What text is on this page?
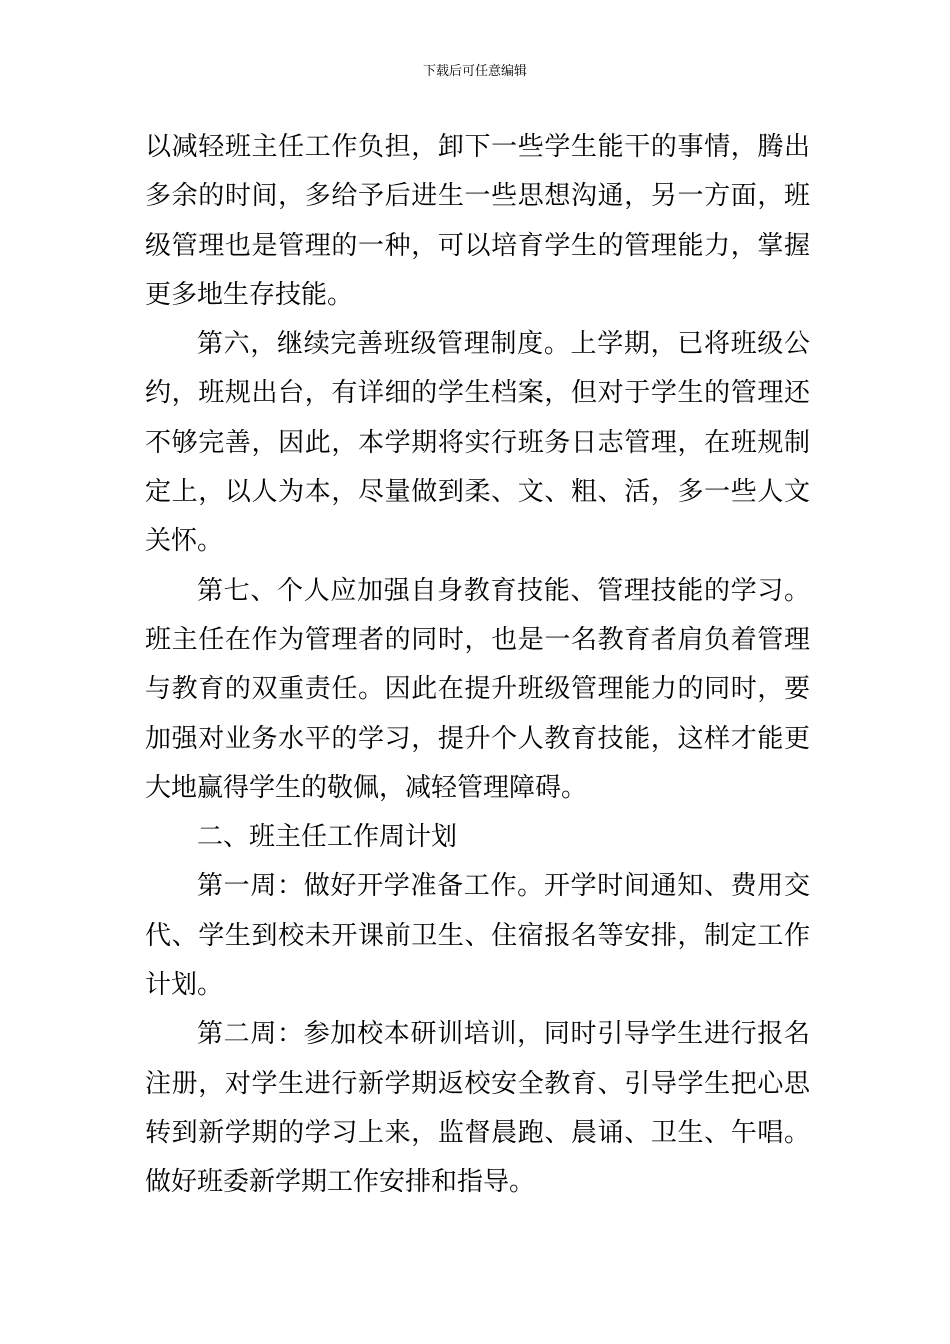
下载后可任意编辑

以减轻班主任工作负担，卸下一些学生能干的事情，腾出多余的时间，多给予后进生一些思想沟通，另一方面，班级管理也是管理的一种，可以培育学生的管理能力，掌握更多地生存技能。

第六，继续完善班级管理制度。上学期，已将班级公约，班规出台，有详细的学生档案，但对于学生的管理还不够完善，因此，本学期将实行班务日志管理，在班规制定上，以人为本，尽量做到柔、文、粗、活，多一些人文关怀。

第七、个人应加强自身教育技能、管理技能的学习。班主任在作为管理者的同时，也是一名教育者肩负着管理与教育的双重责任。因此在提升班级管理能力的同时，要加强对业务水平的学习，提升个人教育技能，这样才能更大地赢得学生的敬佩，减轻管理障碍。

二、班主任工作周计划

第一周：做好开学准备工作。开学时间通知、费用交代、学生到校未开课前卫生、住宿报名等安排，制定工作计划。

第二周：参加校本研训培训，同时引导学生进行报名注册，对学生进行新学期返校安全教育、引导学生把心思转到新学期的学习上来，监督晨跑、晨诵、卫生、午唱。做好班委新学期工作安排和指导。
